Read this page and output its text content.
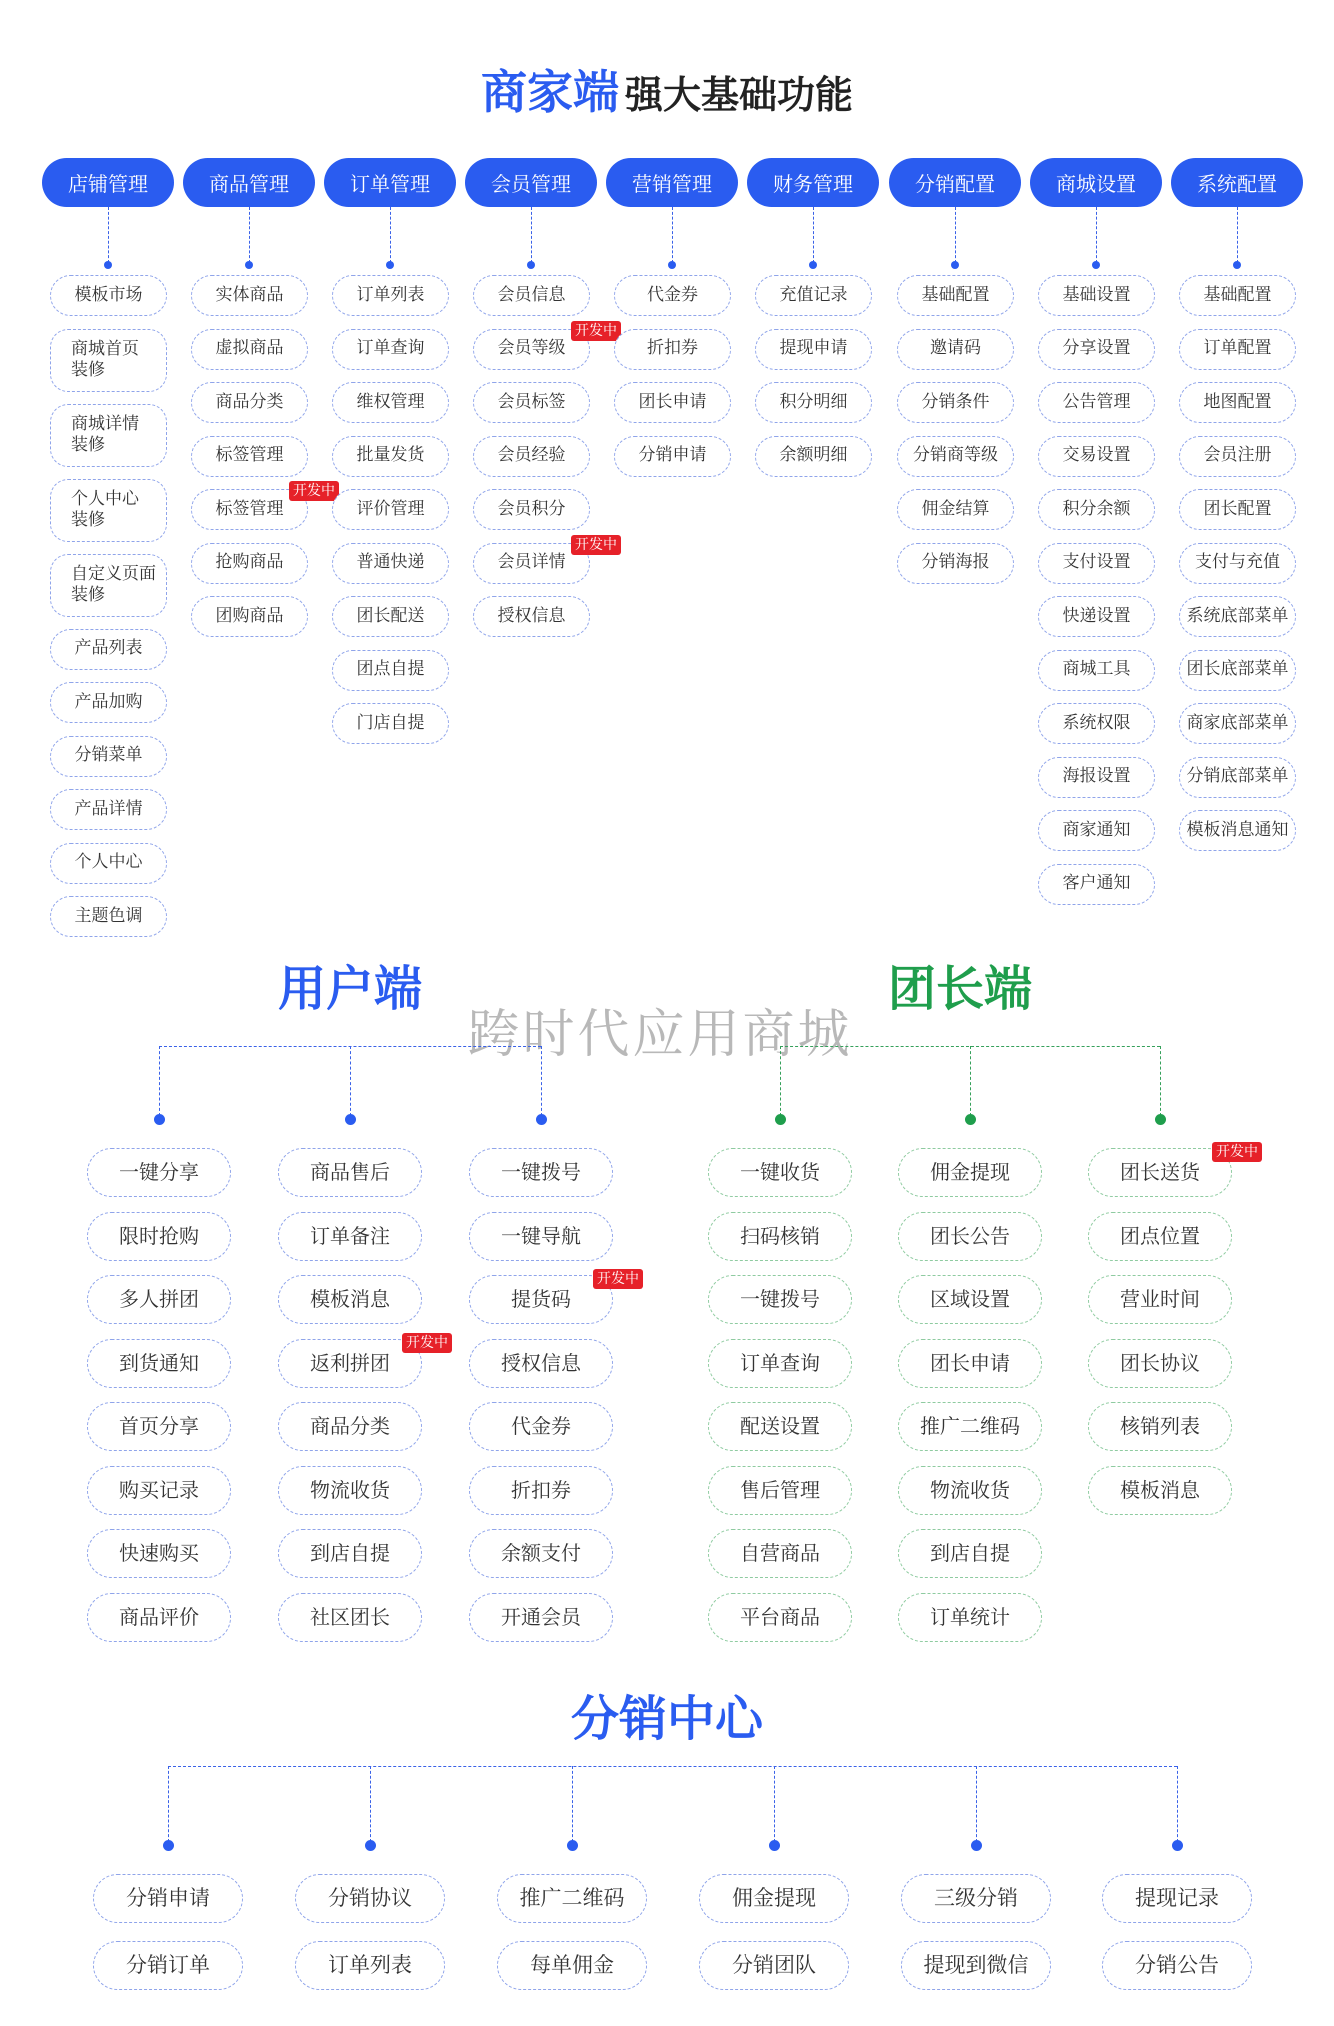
商家端 强大基础功能
店铺管理
模板市场
商城首页
装修
商城详情
装修
个人中心
装修
自定义页面
装修
产品列表
产品加购
分销菜单
产品详情
个人中心
主题色调
商品管理
实体商品
虚拟商品
商品分类
标签管理
标签管理
开发中
抢购商品
团购商品
订单管理
订单列表
订单查询
维权管理
批量发货
评价管理
普通快递
团长配送
团点自提
门店自提
会员管理
会员信息
会员等级
开发中
会员标签
会员经验
会员积分
会员详情
开发中
授权信息
营销管理
代金券
折扣券
团长申请
分销申请
财务管理
充值记录
提现申请
积分明细
余额明细
分销配置
基础配置
邀请码
分销条件
分销商等级
佣金结算
分销海报
商城设置
基础设置
分享设置
公告管理
交易设置
积分余额
支付设置
快递设置
商城工具
系统权限
海报设置
商家通知
客户通知
系统配置
基础配置
订单配置
地图配置
会员注册
团长配置
支付与充值
系统底部菜单
团长底部菜单
商家底部菜单
分销底部菜单
模板消息通知
用户端	团长端
跨时代应用商城
一键分享
限时抢购
多人拼团
到货通知
首页分享
购买记录
快速购买
商品评价
商品售后
订单备注
模板消息
返利拼团
开发中
商品分类
物流收货
到店自提
社区团长
一键拨号
一键导航
提货码
开发中
授权信息
代金券
折扣券
余额支付
开通会员
一键收货
扫码核销
一键拨号
订单查询
配送设置
售后管理
自营商品
平台商品
佣金提现
团长公告
区域设置
团长申请
推广二维码
物流收货
到店自提
订单统计
团长送货
开发中
团点位置
营业时间
团长协议
核销列表
模板消息
分销中心
分销申请
分销订单
分销协议
订单列表
推广二维码
每单佣金
佣金提现
分销团队
三级分销
提现到微信
提现记录
分销公告
